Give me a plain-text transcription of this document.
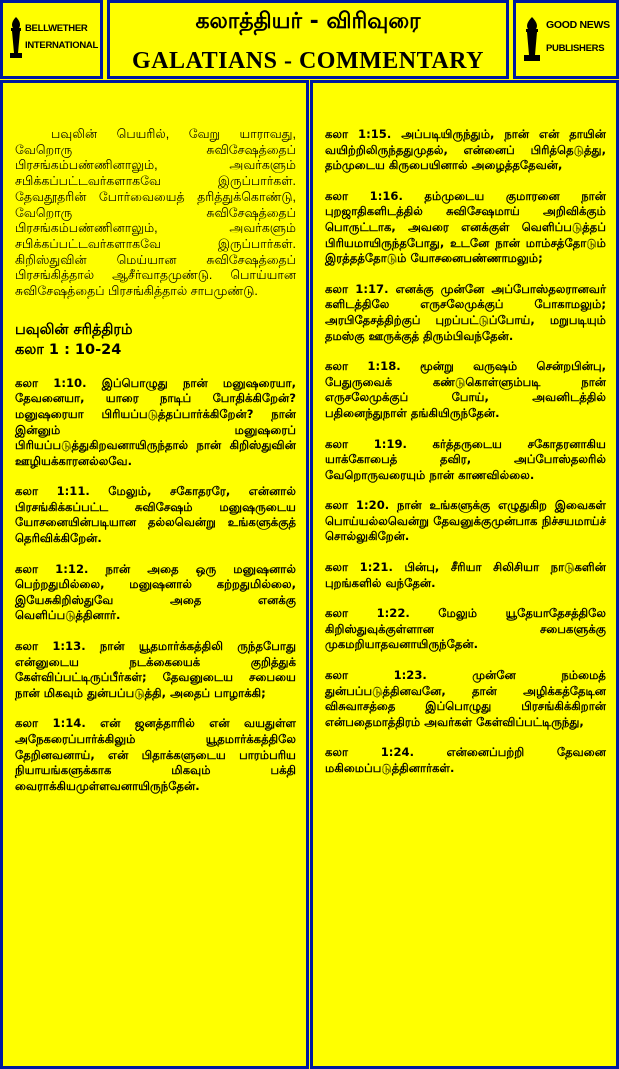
BELLWETHER
INTERNATIONAL
கலாத்தியர் - விரிவுரை
GALATIANS - COMMENTARY
GOOD NEWS
PUBLISHERS

பவுலின் பெயரில், வேறு யாராவது, வேறொரு சுவிசேஷத்தைப் பிரசங்கம்பண்ணினாலும், அவர்களும் சபிக்கப்பட்டவர்களாகவே இருப்பார்கள். தேவதூதரின் போர்வையைத் தரித்துக்கொண்டு, வேறொரு சுவிசேஷத்தைப் பிரசங்கம்பண்ணினாலும், அவர்களும் சபிக்கப்பட்டவர்களாகவே இருப்பார்கள். கிறிஸ்துவின் மெய்யான சுவிசேஷத்தைப் பிரசங்கித்தால் ஆசீர்வாதமுண்டு. பொய்யான சுவிசேஷத்தைப் பிரசங்கித்தால் சாபமுண்டு.

பவுலின் சரித்திரம்
கலா 1 : 10-24

கலா 1:10. இப்பொழுது நான் மனுஷரையா, தேவனையா, யாரை நாடிப் போதிக்கிறேன்? மனுஷரையா பிரியப்படுத்தப்பார்க்கிறேன்? நான் இன்னும் மனுஷரைப் பிரியப்படுத்துகிறவனாயிருந்தால் நான் கிறிஸ்துவின் ஊழியக்காரனல்லவே.

கலா 1:11. மேலும், சகோதரரே, என்னால் பிரசங்கிக்கப்பட்ட சுவிசேஷம் மனுஷருடைய யோசனையின்படியான தல்லவென்று உங்களுக்குத் தெரிவிக்கிறேன்.

கலா 1:12. நான் அதை ஒரு மனுஷனால் பெற்றதுமில்லை, மனுஷனால் கற்றதுமில்லை, இயேசுகிறிஸ்துவே அதை எனக்கு வெளிப்படுத்தினார்.

கலா 1:13. நான் யூதமார்க்கத்திலி ருந்தபோது என்னுடைய நடக்கையைக் குறித்துக் கேள்விப்பட்டிருப்பீர்கள்; தேவனுடைய சபையை நான் மிகவும் துன்பப்படுத்தி, அதைப் பாழாக்கி;

கலா 1:14. என் ஜனத்தாரில் என் வயதுள்ள அநேகரைப்பார்க்கிலும் யூதமார்க்கத்திலே தேறினவனாய், என் பிதாக்களுடைய பாரம்பரிய நியாயங்களுக்காக மிகவும் பக்தி வைராக்கியமுள்ளவனாயிருந்தேன்.

கலா 1:15. அப்படியிருந்தும், நான் என் தாயின் வயிற்றிலிருந்ததுமுதல், என்னைப் பிரித்தெடுத்து, தம்முடைய கிருபையினால் அழைத்ததேவன்,

கலா 1:16. தம்முடைய குமாரனை நான் புறஜாதிகளிடத்தில் சுவிசேஷமாய் அறிவிக்கும் பொருட்டாக, அவரை எனக்குள் வெளிப்படுத்தப் பிரியமாயிருந்தபோது, உடனே நான் மாம்சத்தோடும் இரத்தத்தோடும் யோசனைபண்ணாமலும்;

கலா 1:17. எனக்கு முன்னே அப்போஸ்தலரானவர் களிடத்திலே எருசலேமுக்குப் போகாமலும்; அரபிதேசத்திற்குப் புறப்பட்டுப்போய், மறுபடியும் தமஸ்கு ஊருக்குத் திரும்பிவந்தேன்.

கலா 1:18. மூன்று வருஷம் சென்றபின்பு, பேதுருவைக் கண்டுகொள்ளும்படி நான் எருசலேமுக்குப் போய், அவனிடத்தில் பதினைந்துநாள் தங்கியிருந்தேன்.

கலா 1:19. கர்த்தருடைய சகோதரனாகிய யாக்கோபைத் தவிர, அப்போஸ்தலரில் வேறொருவரையும் நான் காணவில்லை.

கலா 1:20. நான் உங்களுக்கு எழுதுகிற இவைகள் பொய்யல்லவென்று தேவனுக்குமுன்பாக நிச்சயமாய்ச் சொல்லுகிறேன்.

கலா 1:21. பின்பு, சீரியா சிலிசியா நாடுகளின் புறங்களில் வந்தேன்.

கலா 1:22. மேலும் யூதேயாதேசத்திலே கிறிஸ்துவுக்குள்ளான சபைகளுக்கு முகமறியாதவனாயிருந்தேன்.

கலா 1:23. முன்னே நம்மைத் துன்பப்படுத்தினவனே, தான் அழிக்கத்தேடின விசுவாசத்தை இப்பொழுது பிரசங்கிக்கிறான் என்பதைமாத்திரம் அவர்கள் கேள்விப்பட்டிருந்து,

கலா 1:24. என்னைப்பற்றி தேவனை மகிமைப்படுத்தினார்கள்.
